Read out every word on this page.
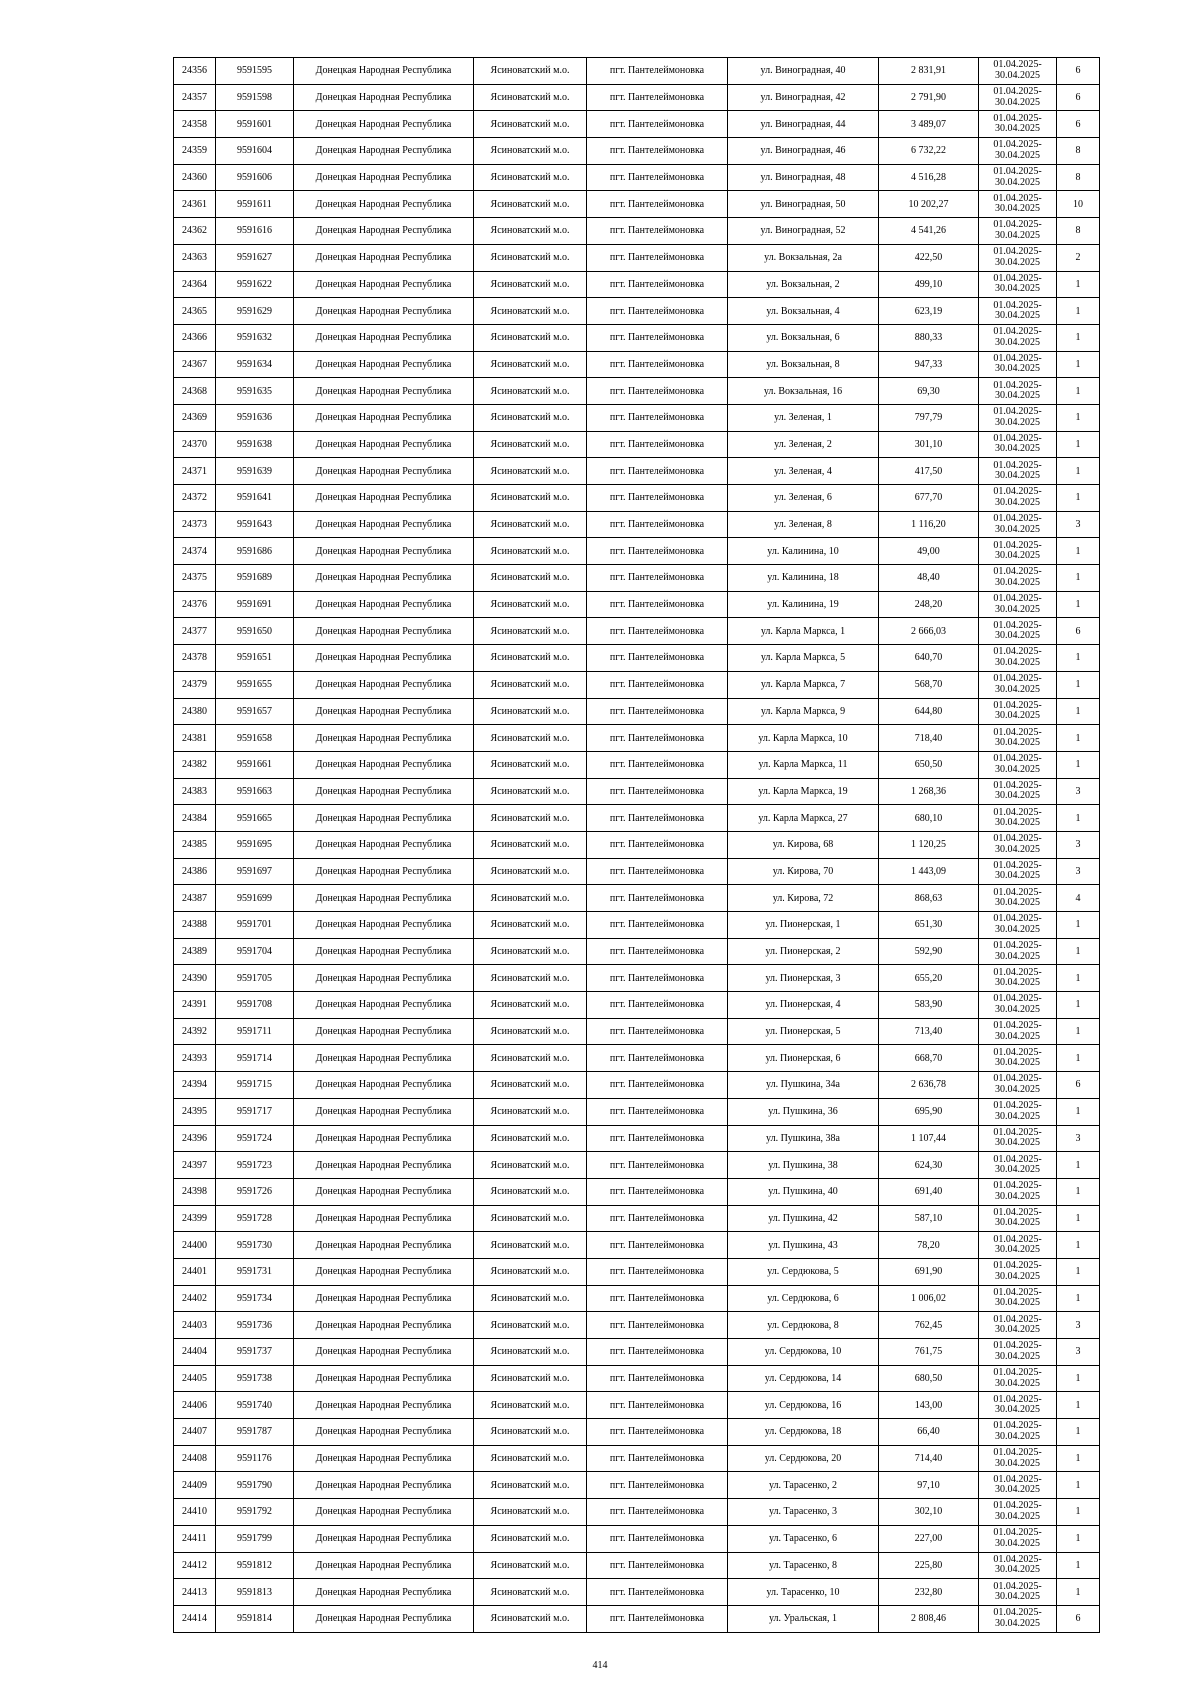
24356	9591595	Донецкая Народная Республика	Ясиноватский м.о.	пгт. Пантелеймоновка	ул. Виноградная, 40	2 831,91	01.04.2025-
30.04.2025	6
24357	9591598	Донецкая Народная Республика	Ясиноватский м.о.	пгт. Пантелеймоновка	ул. Виноградная, 42	2 791,90	01.04.2025-
30.04.2025	6
24358	9591601	Донецкая Народная Республика	Ясиноватский м.о.	пгт. Пантелеймоновка	ул. Виноградная, 44	3 489,07	01.04.2025-
30.04.2025	6
24359	9591604	Донецкая Народная Республика	Ясиноватский м.о.	пгт. Пантелеймоновка	ул. Виноградная, 46	6 732,22	01.04.2025-
30.04.2025	8
24360	9591606	Донецкая Народная Республика	Ясиноватский м.о.	пгт. Пантелеймоновка	ул. Виноградная, 48	4 516,28	01.04.2025-
30.04.2025	8
24361	9591611	Донецкая Народная Республика	Ясиноватский м.о.	пгт. Пантелеймоновка	ул. Виноградная, 50	10 202,27	01.04.2025-
30.04.2025	10
24362	9591616	Донецкая Народная Республика	Ясиноватский м.о.	пгт. Пантелеймоновка	ул. Виноградная, 52	4 541,26	01.04.2025-
30.04.2025	8
24363	9591627	Донецкая Народная Республика	Ясиноватский м.о.	пгт. Пантелеймоновка	ул. Вокзальная, 2а	422,50	01.04.2025-
30.04.2025	2
24364	9591622	Донецкая Народная Республика	Ясиноватский м.о.	пгт. Пантелеймоновка	ул. Вокзальная, 2	499,10	01.04.2025-
30.04.2025	1
24365	9591629	Донецкая Народная Республика	Ясиноватский м.о.	пгт. Пантелеймоновка	ул. Вокзальная, 4	623,19	01.04.2025-
30.04.2025	1
24366	9591632	Донецкая Народная Республика	Ясиноватский м.о.	пгт. Пантелеймоновка	ул. Вокзальная, 6	880,33	01.04.2025-
30.04.2025	1
24367	9591634	Донецкая Народная Республика	Ясиноватский м.о.	пгт. Пантелеймоновка	ул. Вокзальная, 8	947,33	01.04.2025-
30.04.2025	1
24368	9591635	Донецкая Народная Республика	Ясиноватский м.о.	пгт. Пантелеймоновка	ул. Вокзальная, 16	69,30	01.04.2025-
30.04.2025	1
24369	9591636	Донецкая Народная Республика	Ясиноватский м.о.	пгт. Пантелеймоновка	ул. Зеленая, 1	797,79	01.04.2025-
30.04.2025	1
24370	9591638	Донецкая Народная Республика	Ясиноватский м.о.	пгт. Пантелеймоновка	ул. Зеленая, 2	301,10	01.04.2025-
30.04.2025	1
24371	9591639	Донецкая Народная Республика	Ясиноватский м.о.	пгт. Пантелеймоновка	ул. Зеленая, 4	417,50	01.04.2025-
30.04.2025	1
24372	9591641	Донецкая Народная Республика	Ясиноватский м.о.	пгт. Пантелеймоновка	ул. Зеленая, 6	677,70	01.04.2025-
30.04.2025	1
24373	9591643	Донецкая Народная Республика	Ясиноватский м.о.	пгт. Пантелеймоновка	ул. Зеленая, 8	1 116,20	01.04.2025-
30.04.2025	3
24374	9591686	Донецкая Народная Республика	Ясиноватский м.о.	пгт. Пантелеймоновка	ул. Калинина, 10	49,00	01.04.2025-
30.04.2025	1
24375	9591689	Донецкая Народная Республика	Ясиноватский м.о.	пгт. Пантелеймоновка	ул. Калинина, 18	48,40	01.04.2025-
30.04.2025	1
24376	9591691	Донецкая Народная Республика	Ясиноватский м.о.	пгт. Пантелеймоновка	ул. Калинина, 19	248,20	01.04.2025-
30.04.2025	1
24377	9591650	Донецкая Народная Республика	Ясиноватский м.о.	пгт. Пантелеймоновка	ул. Карла Маркса, 1	2 666,03	01.04.2025-
30.04.2025	6
24378	9591651	Донецкая Народная Республика	Ясиноватский м.о.	пгт. Пантелеймоновка	ул. Карла Маркса, 5	640,70	01.04.2025-
30.04.2025	1
24379	9591655	Донецкая Народная Республика	Ясиноватский м.о.	пгт. Пантелеймоновка	ул. Карла Маркса, 7	568,70	01.04.2025-
30.04.2025	1
24380	9591657	Донецкая Народная Республика	Ясиноватский м.о.	пгт. Пантелеймоновка	ул. Карла Маркса, 9	644,80	01.04.2025-
30.04.2025	1
24381	9591658	Донецкая Народная Республика	Ясиноватский м.о.	пгт. Пантелеймоновка	ул. Карла Маркса, 10	718,40	01.04.2025-
30.04.2025	1
24382	9591661	Донецкая Народная Республика	Ясиноватский м.о.	пгт. Пантелеймоновка	ул. Карла Маркса, 11	650,50	01.04.2025-
30.04.2025	1
24383	9591663	Донецкая Народная Республика	Ясиноватский м.о.	пгт. Пантелеймоновка	ул. Карла Маркса, 19	1 268,36	01.04.2025-
30.04.2025	3
24384	9591665	Донецкая Народная Республика	Ясиноватский м.о.	пгт. Пантелеймоновка	ул. Карла Маркса, 27	680,10	01.04.2025-
30.04.2025	1
24385	9591695	Донецкая Народная Республика	Ясиноватский м.о.	пгт. Пантелеймоновка	ул. Кирова, 68	1 120,25	01.04.2025-
30.04.2025	3
24386	9591697	Донецкая Народная Республика	Ясиноватский м.о.	пгт. Пантелеймоновка	ул. Кирова, 70	1 443,09	01.04.2025-
30.04.2025	3
24387	9591699	Донецкая Народная Республика	Ясиноватский м.о.	пгт. Пантелеймоновка	ул. Кирова, 72	868,63	01.04.2025-
30.04.2025	4
24388	9591701	Донецкая Народная Республика	Ясиноватский м.о.	пгт. Пантелеймоновка	ул. Пионерская, 1	651,30	01.04.2025-
30.04.2025	1
24389	9591704	Донецкая Народная Республика	Ясиноватский м.о.	пгт. Пантелеймоновка	ул. Пионерская, 2	592,90	01.04.2025-
30.04.2025	1
24390	9591705	Донецкая Народная Республика	Ясиноватский м.о.	пгт. Пантелеймоновка	ул. Пионерская, 3	655,20	01.04.2025-
30.04.2025	1
24391	9591708	Донецкая Народная Республика	Ясиноватский м.о.	пгт. Пантелеймоновка	ул. Пионерская, 4	583,90	01.04.2025-
30.04.2025	1
24392	9591711	Донецкая Народная Республика	Ясиноватский м.о.	пгт. Пантелеймоновка	ул. Пионерская, 5	713,40	01.04.2025-
30.04.2025	1
24393	9591714	Донецкая Народная Республика	Ясиноватский м.о.	пгт. Пантелеймоновка	ул. Пионерская, 6	668,70	01.04.2025-
30.04.2025	1
24394	9591715	Донецкая Народная Республика	Ясиноватский м.о.	пгт. Пантелеймоновка	ул. Пушкина, 34а	2 636,78	01.04.2025-
30.04.2025	6
24395	9591717	Донецкая Народная Республика	Ясиноватский м.о.	пгт. Пантелеймоновка	ул. Пушкина, 36	695,90	01.04.2025-
30.04.2025	1
24396	9591724	Донецкая Народная Республика	Ясиноватский м.о.	пгт. Пантелеймоновка	ул. Пушкина, 38а	1 107,44	01.04.2025-
30.04.2025	3
24397	9591723	Донецкая Народная Республика	Ясиноватский м.о.	пгт. Пантелеймоновка	ул. Пушкина, 38	624,30	01.04.2025-
30.04.2025	1
24398	9591726	Донецкая Народная Республика	Ясиноватский м.о.	пгт. Пантелеймоновка	ул. Пушкина, 40	691,40	01.04.2025-
30.04.2025	1
24399	9591728	Донецкая Народная Республика	Ясиноватский м.о.	пгт. Пантелеймоновка	ул. Пушкина, 42	587,10	01.04.2025-
30.04.2025	1
24400	9591730	Донецкая Народная Республика	Ясиноватский м.о.	пгт. Пантелеймоновка	ул. Пушкина, 43	78,20	01.04.2025-
30.04.2025	1
24401	9591731	Донецкая Народная Республика	Ясиноватский м.о.	пгт. Пантелеймоновка	ул. Сердюкова, 5	691,90	01.04.2025-
30.04.2025	1
24402	9591734	Донецкая Народная Республика	Ясиноватский м.о.	пгт. Пантелеймоновка	ул. Сердюкова, 6	1 006,02	01.04.2025-
30.04.2025	1
24403	9591736	Донецкая Народная Республика	Ясиноватский м.о.	пгт. Пантелеймоновка	ул. Сердюкова, 8	762,45	01.04.2025-
30.04.2025	3
24404	9591737	Донецкая Народная Республика	Ясиноватский м.о.	пгт. Пантелеймоновка	ул. Сердюкова, 10	761,75	01.04.2025-
30.04.2025	3
24405	9591738	Донецкая Народная Республика	Ясиноватский м.о.	пгт. Пантелеймоновка	ул. Сердюкова, 14	680,50	01.04.2025-
30.04.2025	1
24406	9591740	Донецкая Народная Республика	Ясиноватский м.о.	пгт. Пантелеймоновка	ул. Сердюкова, 16	143,00	01.04.2025-
30.04.2025	1
24407	9591787	Донецкая Народная Республика	Ясиноватский м.о.	пгт. Пантелеймоновка	ул. Сердюкова, 18	66,40	01.04.2025-
30.04.2025	1
24408	9591176	Донецкая Народная Республика	Ясиноватский м.о.	пгт. Пантелеймоновка	ул. Сердюкова, 20	714,40	01.04.2025-
30.04.2025	1
24409	9591790	Донецкая Народная Республика	Ясиноватский м.о.	пгт. Пантелеймоновка	ул. Тарасенко, 2	97,10	01.04.2025-
30.04.2025	1
24410	9591792	Донецкая Народная Республика	Ясиноватский м.о.	пгт. Пантелеймоновка	ул. Тарасенко, 3	302,10	01.04.2025-
30.04.2025	1
24411	9591799	Донецкая Народная Республика	Ясиноватский м.о.	пгт. Пантелеймоновка	ул. Тарасенко, 6	227,00	01.04.2025-
30.04.2025	1
24412	9591812	Донецкая Народная Республика	Ясиноватский м.о.	пгт. Пантелеймоновка	ул. Тарасенко, 8	225,80	01.04.2025-
30.04.2025	1
24413	9591813	Донецкая Народная Республика	Ясиноватский м.о.	пгт. Пантелеймоновка	ул. Тарасенко, 10	232,80	01.04.2025-
30.04.2025	1
24414	9591814	Донецкая Народная Республика	Ясиноватский м.о.	пгт. Пантелеймоновка	ул. Уральская, 1	2 808,46	01.04.2025-
30.04.2025	6
414
